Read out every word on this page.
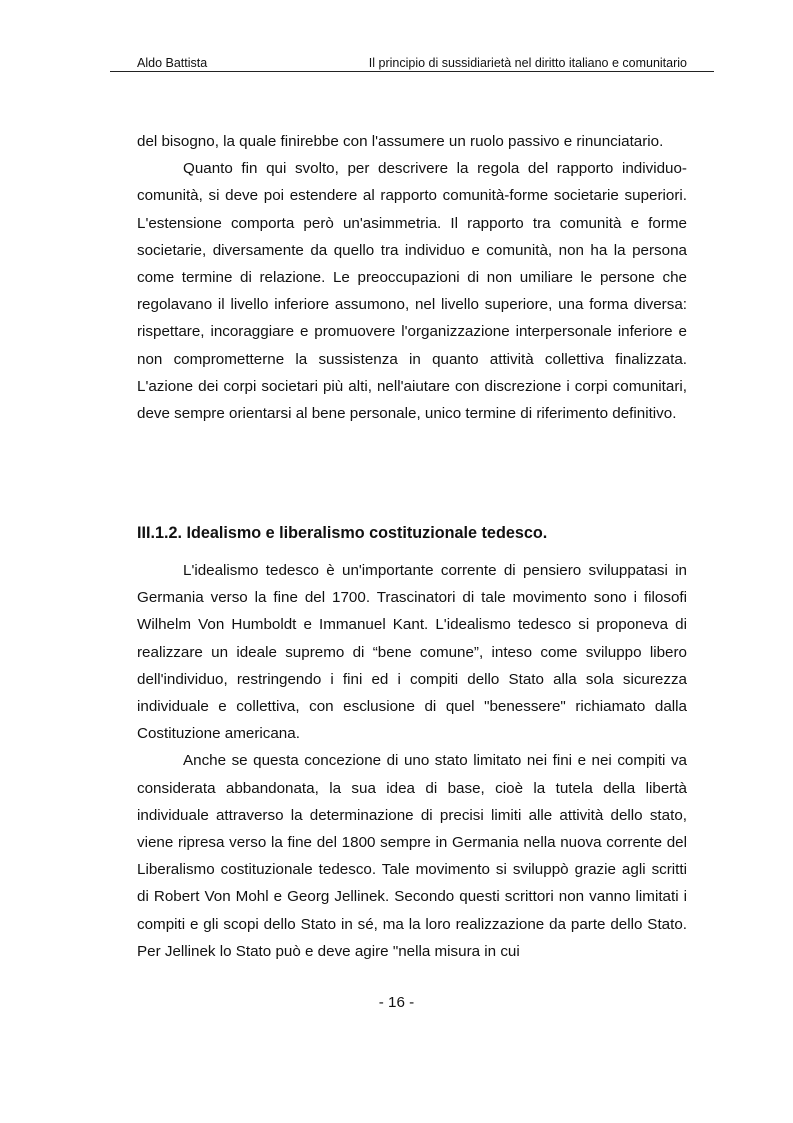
Aldo Battista	Il principio di sussidiarietà nel diritto italiano e comunitario

del bisogno, la quale finirebbe con l'assumere un ruolo passivo e rinunciatario.

Quanto fin qui svolto, per descrivere la regola del rapporto individuo-comunità, si deve poi estendere al rapporto comunità-forme societarie superiori. L'estensione comporta però un'asimmetria. Il rapporto tra comunità e forme societarie, diversamente da quello tra individuo e comunità, non ha la persona come termine di relazione. Le preoccupazioni di non umiliare le persone che regolavano il livello inferiore assumono, nel livello superiore, una forma diversa: rispettare, incoraggiare e promuovere l'organizzazione interpersonale inferiore e non comprometterne la sussistenza in quanto attività collettiva finalizzata. L'azione dei corpi societari più alti, nell'aiutare con discrezione i corpi comunitari, deve sempre orientarsi al bene personale, unico termine di riferimento definitivo.

III.1.2. Idealismo e liberalismo costituzionale tedesco.

L'idealismo tedesco è un'importante corrente di pensiero sviluppatasi in Germania verso la fine del 1700. Trascinatori di tale movimento sono i filosofi Wilhelm Von Humboldt e Immanuel Kant. L'idealismo tedesco si proponeva di realizzare un ideale supremo di “bene comune”, inteso come sviluppo libero dell'individuo, restringendo i fini ed i compiti dello Stato alla sola sicurezza individuale e collettiva, con esclusione di quel "benessere" richiamato dalla Costituzione americana.

Anche se questa concezione di uno stato limitato nei fini e nei compiti va considerata abbandonata, la sua idea di base, cioè la tutela della libertà individuale attraverso la determinazione di precisi limiti alle attività dello stato, viene ripresa verso la fine del 1800 sempre in Germania nella nuova corrente del Liberalismo costituzionale tedesco. Tale movimento si sviluppò grazie agli scritti di Robert Von Mohl e Georg Jellinek. Secondo questi scrittori non vanno limitati i compiti e gli scopi dello Stato in sé, ma la loro realizzazione da parte dello Stato. Per Jellinek lo Stato può e deve agire "nella misura in cui

- 16 -
